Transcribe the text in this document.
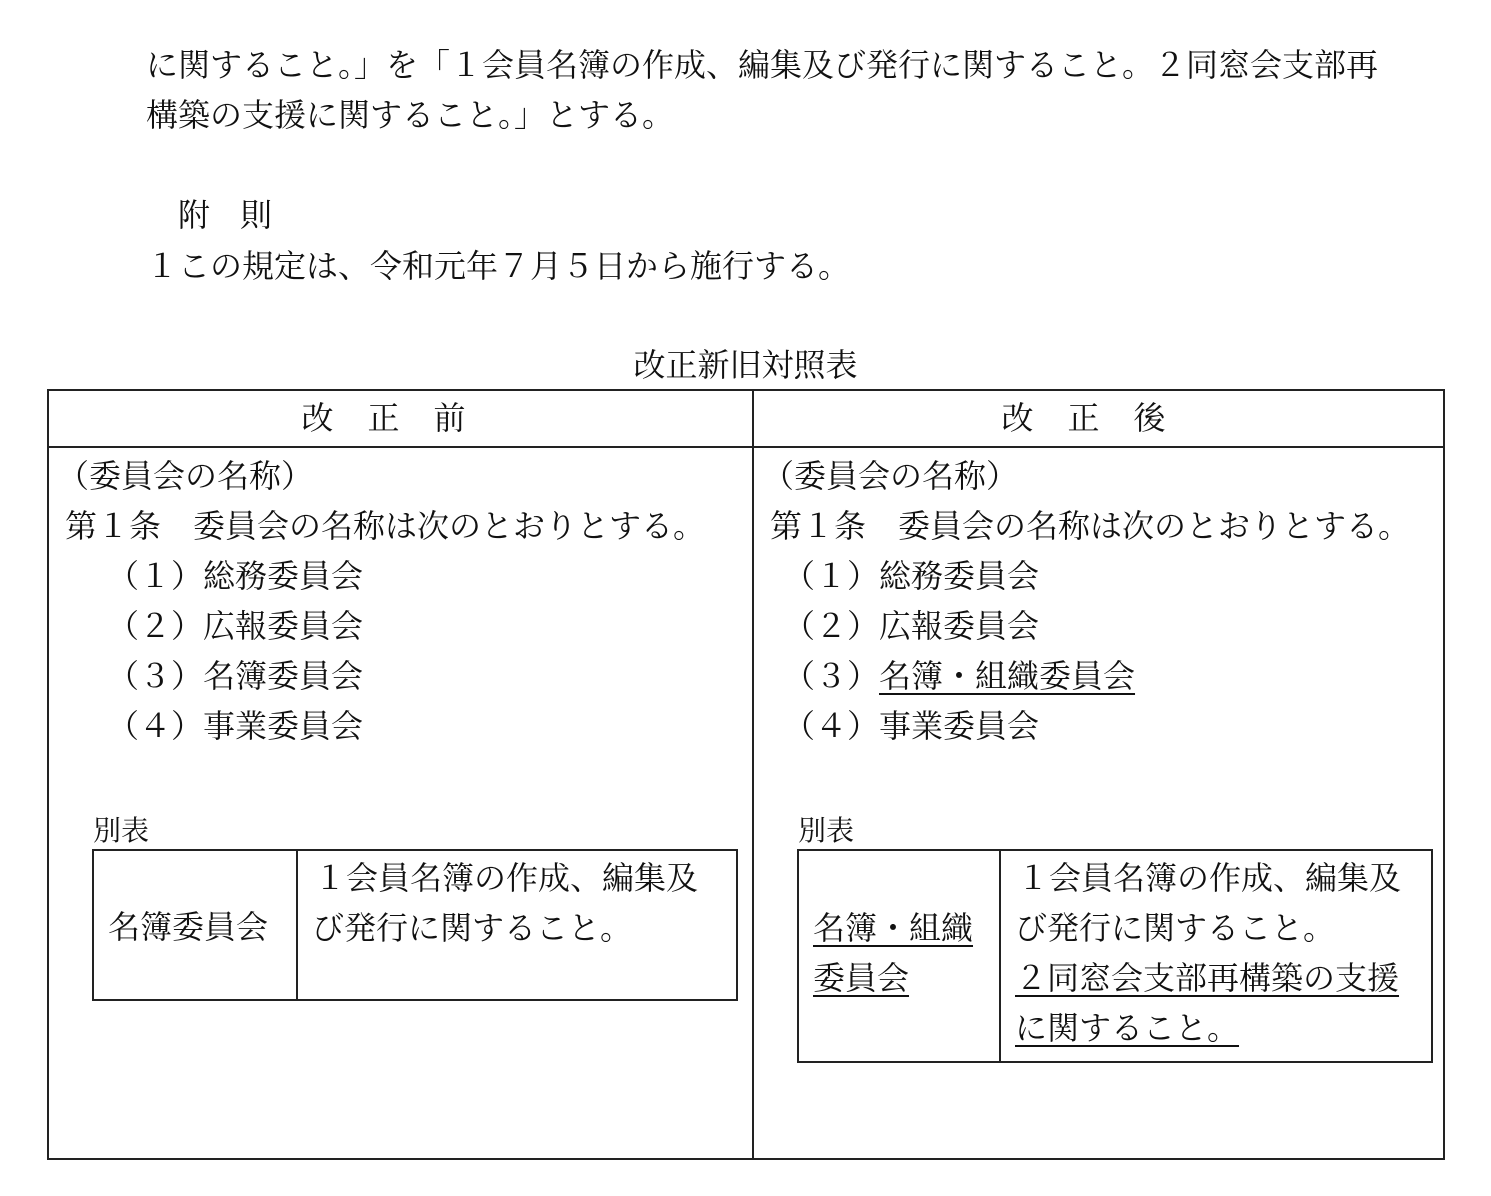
に関すること。」を「１会員名簿の作成、編集及び発行に関すること。２同窓会支部再
構築の支援に関すること。」とする。
附則
１この規定は、令和元年７月５日から施行する。
改正新旧対照表
改正前	改正後
（委員会の名称）
第１条　委員会の名称は次のとおりとする。
（１）総務委員会
（２）広報委員会
（３）名簿委員会
（４）事業委員会
別表
名簿委員会
１会員名簿の作成、編集及
び発行に関すること。
（委員会の名称）
第１条　委員会の名称は次のとおりとする。
（１）総務委員会
（２）広報委員会
（３）名簿・組織委員会
（４）事業委員会
別表
名簿・組織
委員会
１会員名簿の作成、編集及
び発行に関すること。
２同窓会支部再構築の支援
に関すること。
